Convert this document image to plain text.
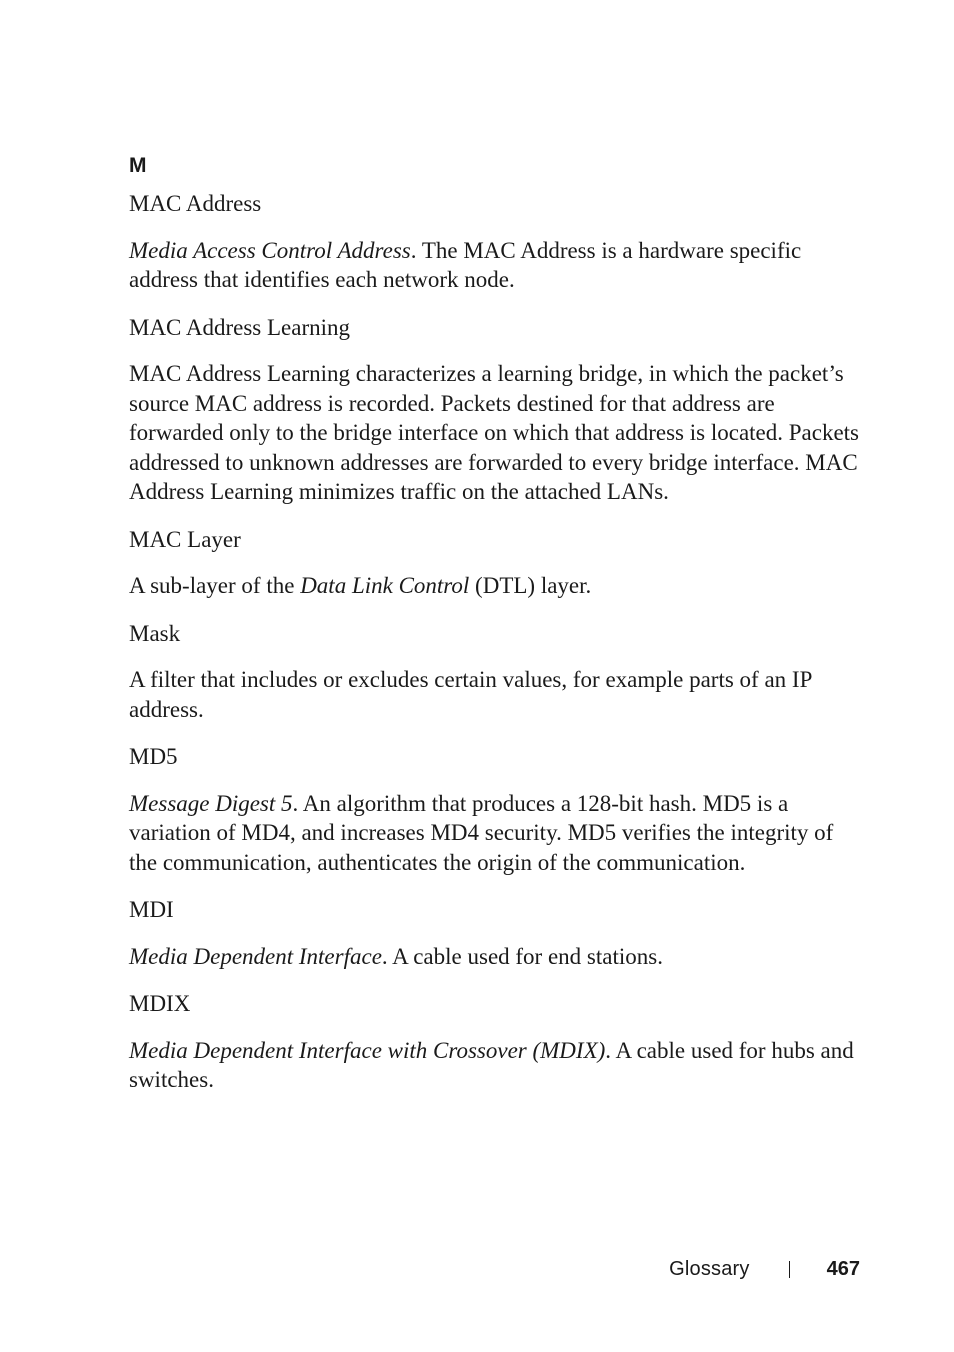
M
MAC Address

Media Access Control Address. The MAC Address is a hardware specific address that identifies each network node.

MAC Address Learning

MAC Address Learning characterizes a learning bridge, in which the packet’s source MAC address is recorded. Packets destined for that address are forwarded only to the bridge interface on which that address is located. Packets addressed to unknown addresses are forwarded to every bridge interface. MAC Address Learning minimizes traffic on the attached LANs.

MAC Layer

A sub-layer of the Data Link Control (DTL) layer.

Mask

A filter that includes or excludes certain values, for example parts of an IP address.

MD5

Message Digest 5. An algorithm that produces a 128-bit hash. MD5 is a variation of MD4, and increases MD4 security. MD5 verifies the integrity of the communication, authenticates the origin of the communication.

MDI

Media Dependent Interface. A cable used for end stations.

MDIX

Media Dependent Interface with Crossover (MDIX). A cable used for hubs and switches.

Glossary	467
